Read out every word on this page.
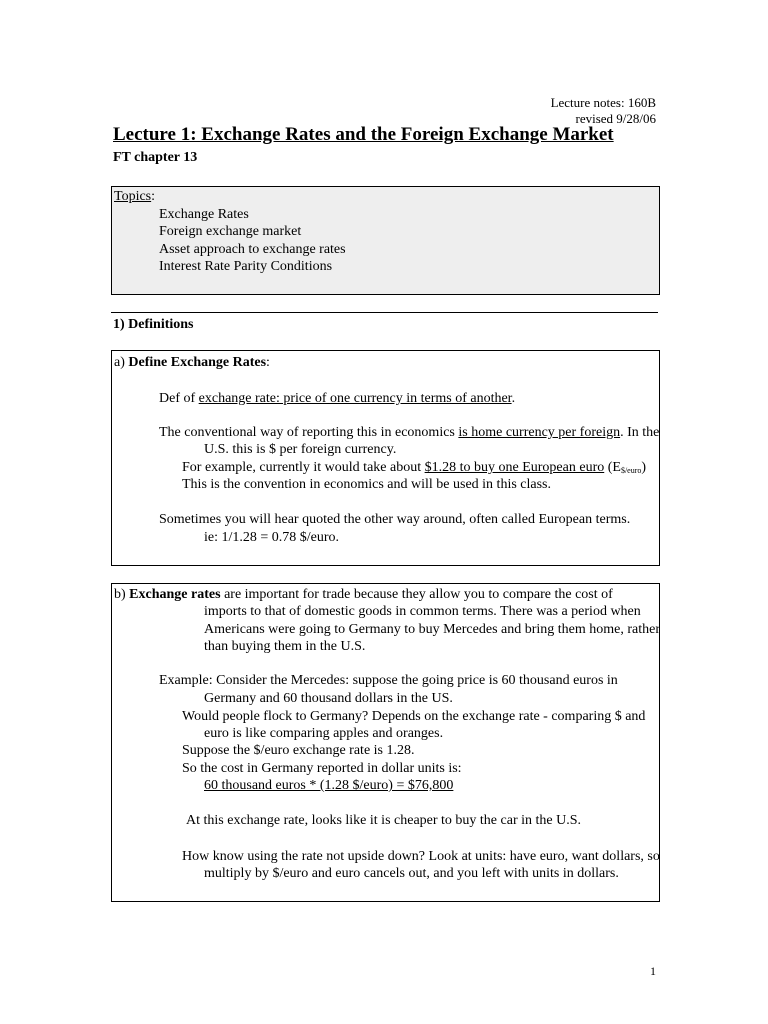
Lecture notes: 160B
revised 9/28/06
Lecture 1: Exchange Rates and the Foreign Exchange Market
FT chapter 13
Topics:
Exchange Rates
Foreign exchange market
Asset approach to exchange rates
Interest Rate Parity Conditions
1) Definitions
a) Define Exchange Rates:
Def of exchange rate: price of one currency in terms of another.
The conventional way of reporting this in economics is home currency per foreign. In the
U.S. this is $ per foreign currency.
For example, currently it would take about $1.28 to buy one European euro $(E_{\$/euro})$
This is the convention in economics and will be used in this class.
Sometimes you will hear quoted the other way around, often called European terms.
ie: 1/1.28 = 0.78 $/euro.
b) Exchange rates are important for trade because they allow you to compare the cost of
imports to that of domestic goods in common terms. There was a period when
Americans were going to Germany to buy Mercedes and bring them home, rather
than buying them in the U.S.
Example: Consider the Mercedes: suppose the going price is 60 thousand euros in
Germany and 60 thousand dollars in the US.
Would people flock to Germany? Depends on the exchange rate - comparing $ and
euro is like comparing apples and oranges.
Suppose the $/euro exchange rate is 1.28.
So the cost in Germany reported in dollar units is:
60 thousand euros * (1.28 $/euro) = $76,800
At this exchange rate, looks like it is cheaper to buy the car in the U.S.
How know using the rate not upside down? Look at units: have euro, want dollars, so
multiply by $/euro and euro cancels out, and you left with units in dollars.
1
